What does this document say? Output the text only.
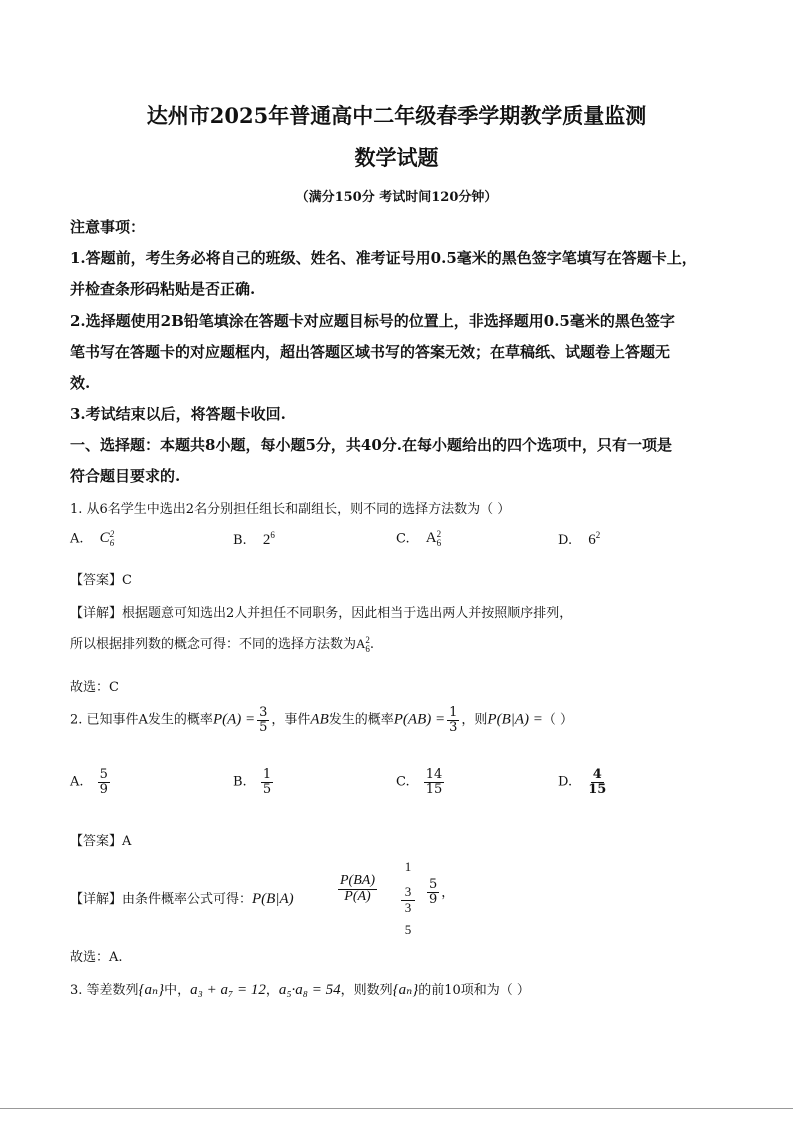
达州市2025年普通高中二年级春季学期教学质量监测
数学试题
（满分150分 考试时间120分钟）
注意事项：
1.答题前，考生务必将自己的班级、姓名、准考证号用0.5毫米的黑色签字笔填写在答题卡上，
并检查条形码粘贴是否正确.
2.选择题使用2B铅笔填涂在答题卡对应题目标号的位置上，非选择题用0.5毫米的黑色签字
笔书写在答题卡的对应题框内，超出答题区域书写的答案无效；在草稿纸、试题卷上答题无
效.
3.考试结束以后，将答题卡收回.
一、选择题：本题共8小题，每小题5分，共40分.在每小题给出的四个选项中，只有一项是
符合题目要求的.
1. 从6名学生中选出2名分别担任组长和副组长，则不同的选择方法数为（ ）
A. C 2
6	B. $2^6$	C. A 2
6	D. $6^2$
【答案】C
【详解】根据题意可知选出2人并担任不同职务，因此相当于选出两人并按照顺序排列，
所以根据排列数的概念可得：不同的选择方法数为A 2
6 .
故选：C
2. 已知事件A发生的概率$P(A) = \frac{3}{5}$ ，事件AB发生的概率$P(AB) = \frac{1}{3}$ ，则P(B|A) =（ ）
A. $\frac{5}{9}$	B. $\frac{1}{5}$	C. $\frac{14}{15}$	D. $\frac{4}{15}$
【答案】A
【详解】由条件概率公式可得：P(B|A)	$\frac{P(BA)}{P(A)}$
1
3
3
5
$\frac{5}{9}$ ，
故选：A.
3. 等差数列{aₙ}中，a₃ + a₇ = 12，a₅·a₈ = 54，则数列{aₙ}的前10项和为（ ）
